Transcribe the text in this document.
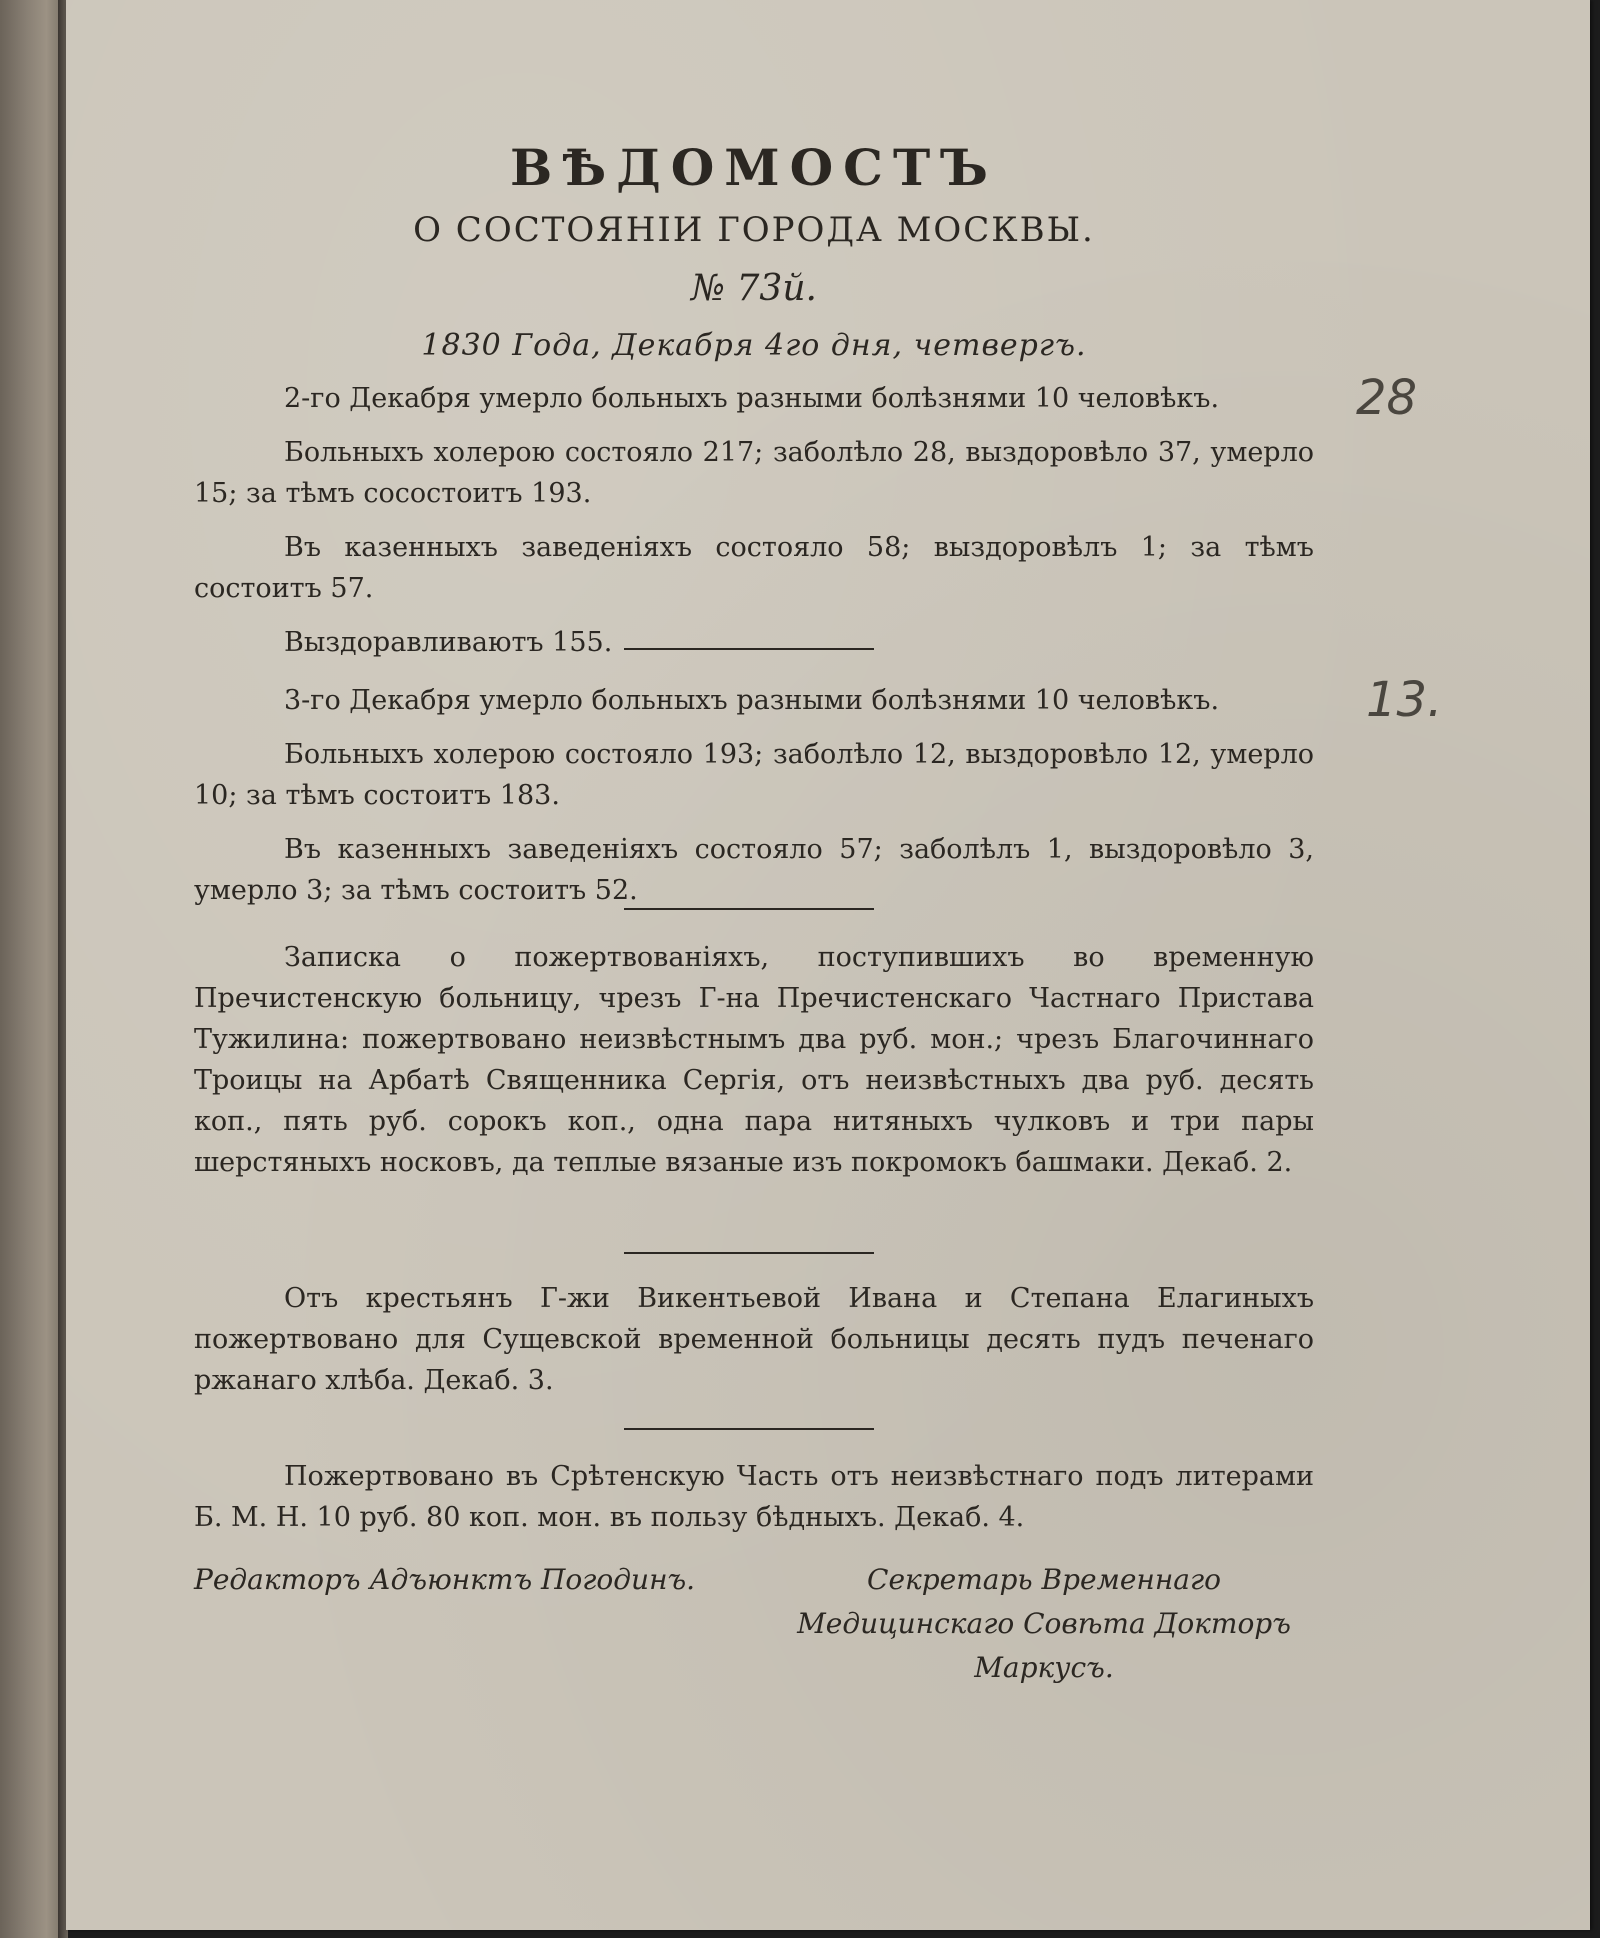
ВѢДОМОСТЪ
О СОСТОЯНІИ ГОРОДА МОСКВЫ.
№ 73й.
1830 Года, Декабря 4го дня, четвергъ.

2-го Декабря умерло больныхъ разными болѣзнями 10 человѣкъ.

Больныхъ холерою состояло 217; заболѣло 28, выздоровѣло 37, умерло 15; за тѣмъ сосостоитъ 193.

Въ казенныхъ заведеніяхъ состояло 58; выздоровѣлъ 1; за тѣмъ состоитъ 57.

Выздоравливаютъ 155.

3-го Декабря умерло больныхъ разными болѣзнями 10 человѣкъ.

Больныхъ холерою состояло 193; заболѣло 12, выздоровѣло 12, умерло 10; за тѣмъ состоитъ 183.

Въ казенныхъ заведеніяхъ состояло 57; заболѣлъ 1, выздоровѣло 3, умерло 3; за тѣмъ состоитъ 52.

Записка о пожертвованіяхъ, поступившихъ во временную Пречистенскую больницу, чрезъ Г-на Пречистенскаго Частнаго Пристава Тужилина: пожертвовано неизвѣстнымъ два руб. мон.; чрезъ Благочиннаго Троицы на Арбатѣ Священника Сергія, отъ неизвѣстныхъ два руб. десять коп., пять руб. сорокъ коп., одна пара нитяныхъ чулковъ и три пары шерстяныхъ носковъ, да теплые вязаные изъ покромокъ башмаки. Декаб. 2.

Отъ крестьянъ Г-жи Викентьевой Ивана и Степана Елагиныхъ пожертвовано для Сущевской временной больницы десять пудъ печенаго ржанаго хлѣба. Декаб. 3.

Пожертвовано въ Срѣтенскую Часть отъ неизвѣстнаго подъ литерами Б. М. Н. 10 руб. 80 коп. мон. въ пользу бѣдныхъ. Декаб. 4.

Редакторъ Адъюнктъ Погодинъ.	Секретарь Временнаго Медицинскаго Совѣта Докторъ Маркусъ.
28
13.
